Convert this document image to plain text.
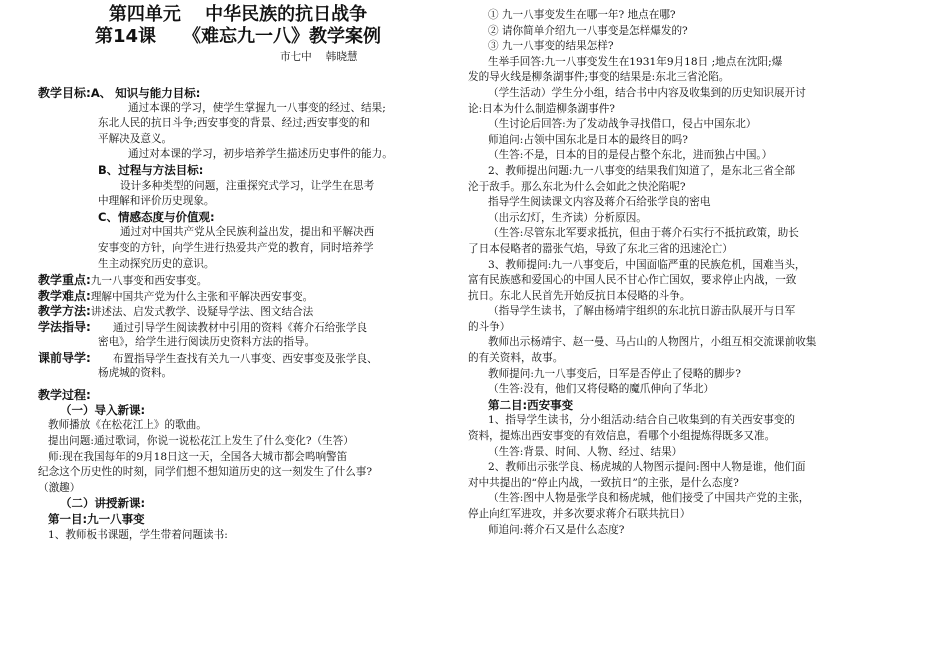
第四单元　 中华民族的抗日战争
第14课　　《难忘九一八》教学案例
市七中　 韩晓慧
教学目标:A、 知识与能力目标:
通过本课的学习，使学生掌握九一八事变的经过、结果;
东北人民的抗日斗争;西安事变的背景、经过;西安事变的和
平解决及意义。
通过对本课的学习，初步培养学生描述历史事件的能力。
B、过程与方法目标:
设计多种类型的问题，注重探究式学习，让学生在思考
中理解和评价历史现象。
C、情感态度与价值观:
通过对中国共产党从全民族利益出发，提出和平解决西
安事变的方针，向学生进行热爱共产党的教育，同时培养学
生主动探究历史的意识。
教学重点:九一八事变和西安事变。
教学难点:理解中国共产党为什么主张和平解决西安事变。
教学方法:讲述法、启发式教学、设疑导学法、图文结合法
学法指导: 通过引导学生阅读教材中引用的资料《蒋介石给张学良
密电》，给学生进行阅读历史资料方法的指导。
课前导学: 布置指导学生查找有关九一八事变、西安事变及张学良、
杨虎城的资料。
教学过程:
（一）导入新课:
教师播放《在松花江上》的歌曲。
提出问题:通过歌词，你说一说松花江上发生了什么变化?（生答）
师:现在我国每年的9月18日这一天，全国各大城市都会鸣响警笛
纪念这个历史性的时刻，同学们想不想知道历史的这一刻发生了什么事?
（激趣）
（二）讲授新课:
第一目:九一八事变
1、教师板书课题，学生带着问题读书:
① 九一八事变发生在哪一年? 地点在哪?
② 请你简单介绍九一八事变是怎样爆发的?
③ 九一八事变的结果怎样?
生举手回答:九一八事变发生在1931年9月18日 ;地点在沈阳;爆
发的导火线是柳条湖事件;事变的结果是:东北三省沦陷。
（学生活动）学生分小组，结合书中内容及收集到的历史知识展开讨
论:日本为什么制造柳条湖事件?
（生讨论后回答:为了发动战争寻找借口，侵占中国东北）
师追问:占领中国东北是日本的最终目的吗?
（生答:不是，日本的目的是侵占整个东北，进而独占中国。）
2、教师提出问题:九一八事变的结果我们知道了，是东北三省全部
沦于敌手。那么东北为什么会如此之快沦陷呢?
指导学生阅读课文内容及蒋介石给张学良的密电
（出示幻灯，生齐读）分析原因。
（生答:尽管东北军要求抵抗，但由于蒋介石实行不抵抗政策，助长
了日本侵略者的嚣张气焰，导致了东北三省的迅速沦亡）
3、教师提问:九一八事变后，中国面临严重的民族危机，国难当头，
富有民族感和爱国心的中国人民不甘心作亡国奴，要求停止内战，一致
抗日。东北人民首先开始反抗日本侵略的斗争。
（指导学生读书，了解由杨靖宇组织的东北抗日游击队展开与日军
的斗争）
教师出示杨靖宇、赵一曼、马占山的人物图片，小组互相交流课前收集
的有关资料，故事。
教师提问:九一八事变后，日军是否停止了侵略的脚步?
（生答:没有，他们又将侵略的魔爪伸向了华北）
第二目:西安事变
1、指导学生读书，分小组活动:结合自己收集到的有关西安事变的
资料，提炼出西安事变的有效信息，看哪个小组提炼得既多又准。
（生答:背景、时间、人物、经过、结果）
2、教师出示张学良、杨虎城的人物图示提问:图中人物是谁，他们面
对中共提出的“停止内战，一致抗日”的主张，是什么态度?
（生答:图中人物是张学良和杨虎城，他们接受了中国共产党的主张，
停止向红军进攻，并多次要求蒋介石联共抗日）
师追问:蒋介石又是什么态度?
